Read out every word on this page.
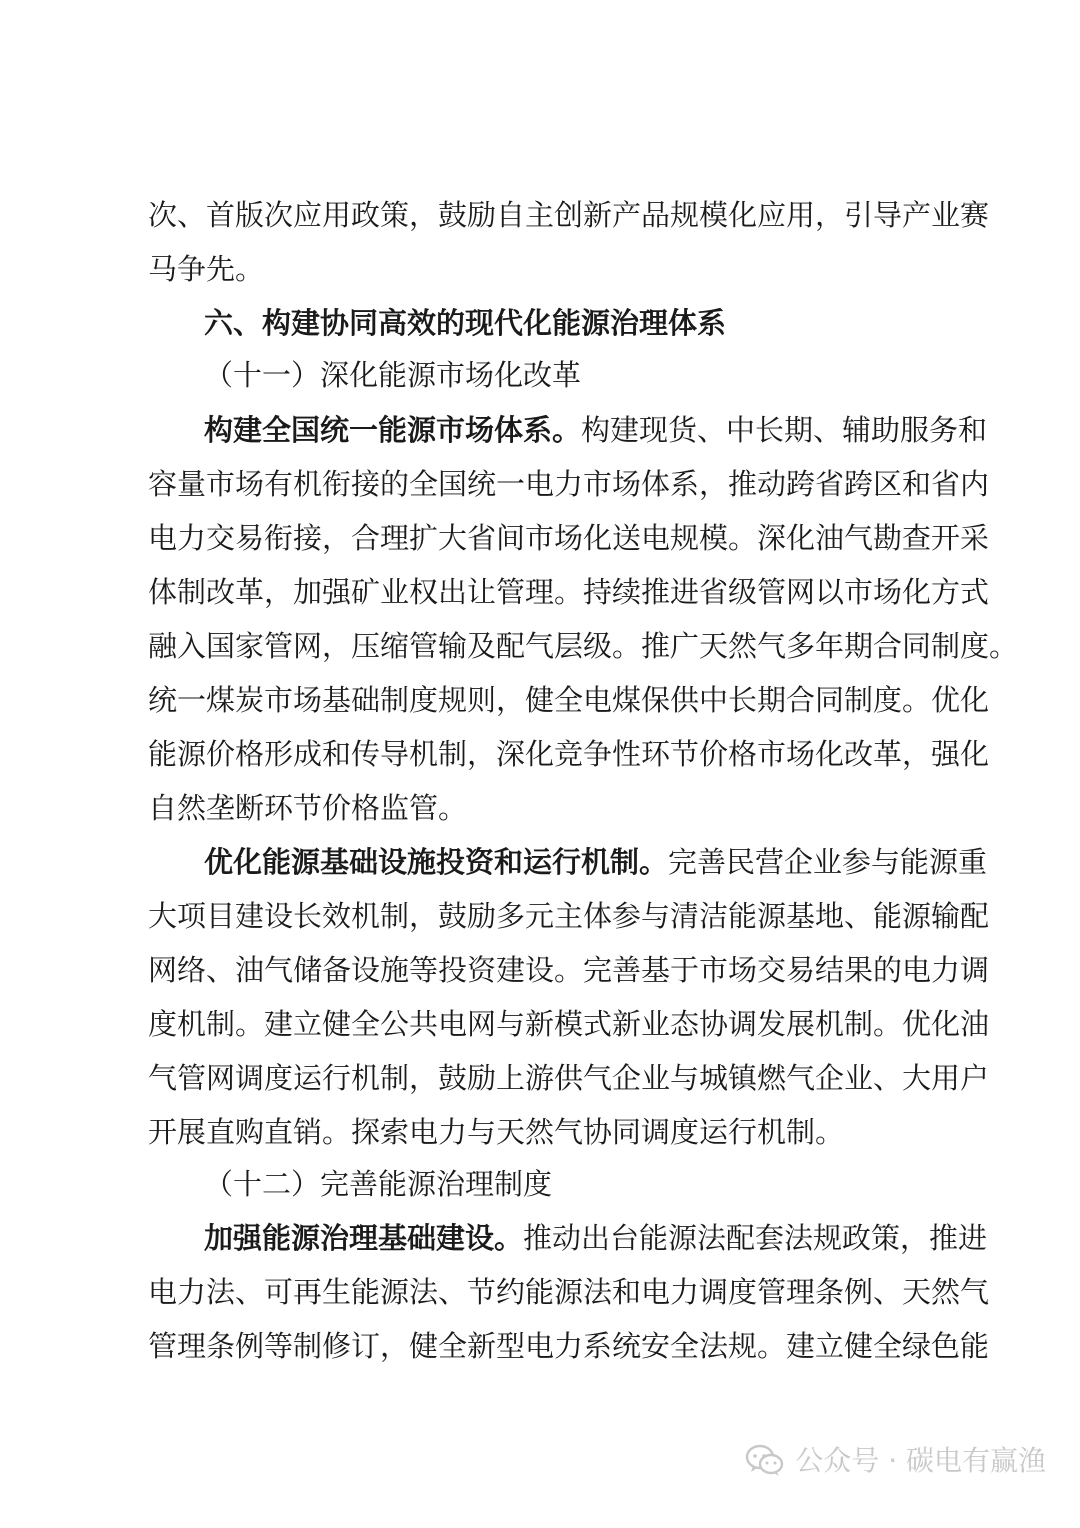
次、首版次应用政策，鼓励自主创新产品规模化应用，引导产业赛
马争先。
六、构建协同高效的现代化能源治理体系
（十一）深化能源市场化改革
构建全国统一能源市场体系。构建现货、中长期、辅助服务和
容量市场有机衔接的全国统一电力市场体系，推动跨省跨区和省内
电力交易衔接，合理扩大省间市场化送电规模。深化油气勘查开采
体制改革，加强矿业权出让管理。持续推进省级管网以市场化方式
融入国家管网，压缩管输及配气层级。推广天然气多年期合同制度。
统一煤炭市场基础制度规则，健全电煤保供中长期合同制度。优化
能源价格形成和传导机制，深化竞争性环节价格市场化改革，强化
自然垄断环节价格监管。
优化能源基础设施投资和运行机制。完善民营企业参与能源重
大项目建设长效机制，鼓励多元主体参与清洁能源基地、能源输配
网络、油气储备设施等投资建设。完善基于市场交易结果的电力调
度机制。建立健全公共电网与新模式新业态协调发展机制。优化油
气管网调度运行机制，鼓励上游供气企业与城镇燃气企业、大用户
开展直购直销。探索电力与天然气协同调度运行机制。
（十二）完善能源治理制度
加强能源治理基础建设。推动出台能源法配套法规政策，推进
电力法、可再生能源法、节约能源法和电力调度管理条例、天然气
管理条例等制修订，健全新型电力系统安全法规。建立健全绿色能
公众号 · 碳电有赢渔
